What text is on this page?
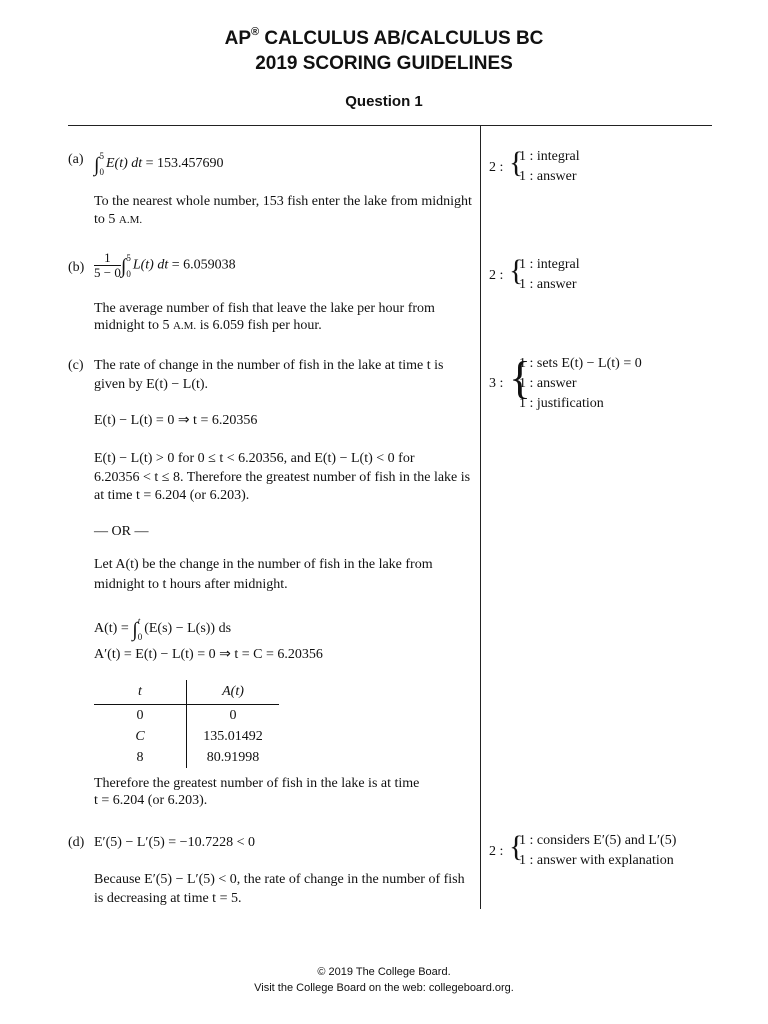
AP® CALCULUS AB/CALCULUS BC
2019 SCORING GUIDELINES
Question 1
(a) ∫ 5
0
E(t) dt = 153.457690
To the nearest whole number, 153 fish enter the lake from midnight
to 5 A.M.
$(b) \frac{1}{5 - 0}$ ∫ 5
0
L(t) dt = 6.059038
The average number of fish that leave the lake per hour from
midnight to 5 A.M. is 6.059 fish per hour.
(c) The rate of change in the number of fish in the lake at time t is
given by E(t) − L(t).
E(t) − L(t) = 0 ⇒ t = 6.20356
E(t) − L(t) > 0 for 0 ≤ t < 6.20356, and E(t) − L(t) < 0 for
6.20356 < t ≤ 8. Therefore the greatest number of fish in the lake is
at time t = 6.204 (or 6.203).
— OR —
Let A(t) be the change in the number of fish in the lake from
midnight to t hours after midnight.
A(t) = ∫ t
0
(E(s) − L(s)) ds
A′(t) = E(t) − L(t) = 0 ⇒ t = C = 6.20356
t	A(t)
0	0
C	135.01492
8	80.91998
Therefore the greatest number of fish in the lake is at time
t = 6.204 (or 6.203).
(d) E′(5) − L′(5) = −10.7228 < 0
Because E′(5) − L′(5) < 0, the rate of change in the number of fish
is decreasing at time t = 5.
2 : {
1 : integral
1 : answer
2 : {
1 : integral
1 : answer
3 : {
1 : sets E(t) − L(t) = 0
1 : answer
1 : justification
2 : {
1 : considers E′(5) and L′(5)
1 : answer with explanation
© 2019 The College Board.
Visit the College Board on the web: collegeboard.org.
